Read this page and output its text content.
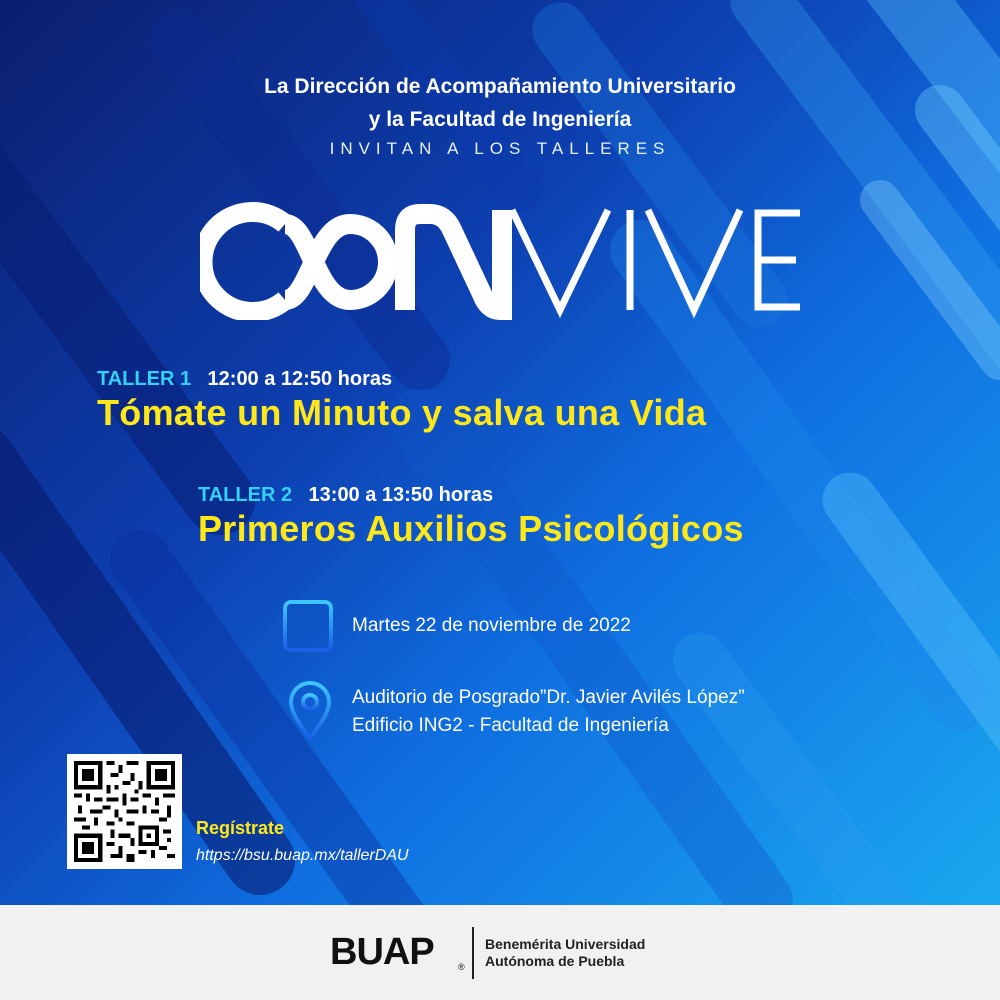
La Dirección de Acompañamiento Universitario
y la Facultad de Ingeniería
INVITAN A LOS TALLERES
TALLER 1 12:00 a 12:50 horas
Tómate un Minuto y salva una Vida
TALLER 2 13:00 a 13:50 horas
Primeros Auxilios Psicológicos
Martes 22 de noviembre de 2022
Auditorio de Posgrado”Dr. Javier Avilés López”
Edificio ING2 - Facultad de Ingeniería
Regístrate
https://bsu.buap.mx/tallerDAU
BUAP	®
Benemérita Universidad
Autónoma de Puebla
